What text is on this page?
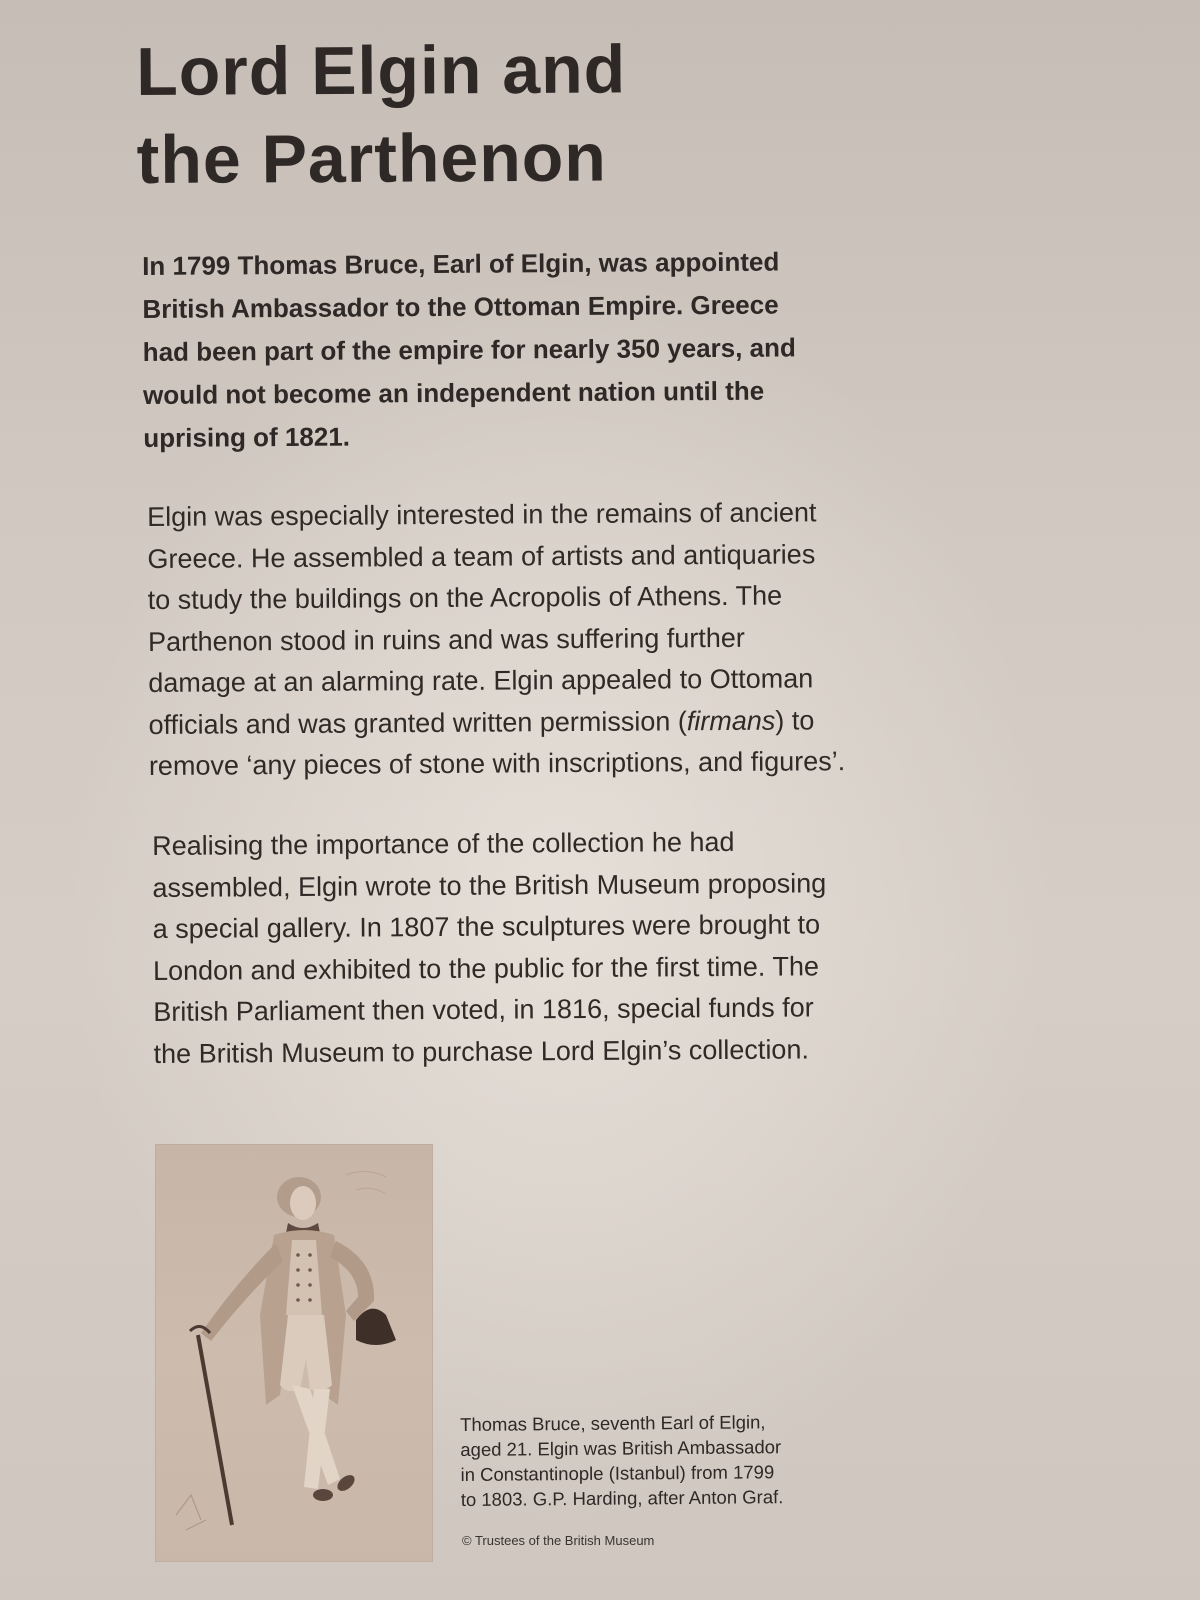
Lord Elgin and
the Parthenon

In 1799 Thomas Bruce, Earl of Elgin, was appointed
British Ambassador to the Ottoman Empire. Greece
had been part of the empire for nearly 350 years, and
would not become an independent nation until the
uprising of 1821.

Elgin was especially interested in the remains of ancient
Greece. He assembled a team of artists and antiquaries
to study the buildings on the Acropolis of Athens. The
Parthenon stood in ruins and was suffering further
damage at an alarming rate. Elgin appealed to Ottoman
officials and was granted written permission (firmans) to
remove ‘any pieces of stone with inscriptions, and figures’.

Realising the importance of the collection he had
assembled, Elgin wrote to the British Museum proposing
a special gallery. In 1807 the sculptures were brought to
London and exhibited to the public for the first time. The
British Parliament then voted, in 1816, special funds for
the British Museum to purchase Lord Elgin’s collection.

Thomas Bruce, seventh Earl of Elgin,
aged 21. Elgin was British Ambassador
in Constantinople (Istanbul) from 1799
to 1803. G.P. Harding, after Anton Graf.

© Trustees of the British Museum
